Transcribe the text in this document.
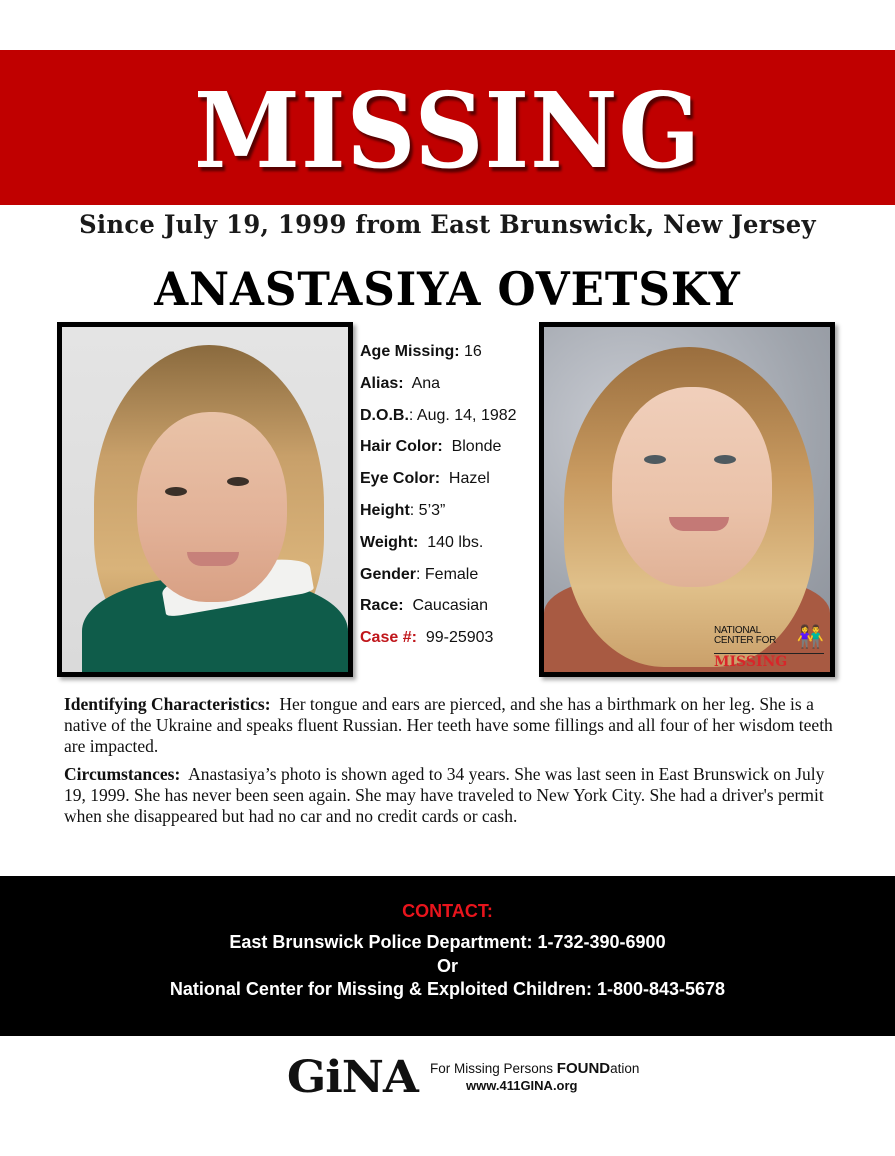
MISSING
Since July 19, 1999 from East Brunswick, New Jersey
ANASTASIYA OVETSKY
Age Missing: 16
Alias: Ana
D.O.B.: Aug. 14, 1982
Hair Color: Blonde
Eye Color: Hazel
Height: 5’3”
Weight: 140 lbs.
Gender: Female
Race: Caucasian
Case #: 99-25903	NATIONAL
CENTER FOR 👫
MISSING

Identifying Characteristics: Her tongue and ears are pierced, and she has a birthmark on her leg. She is a native of the Ukraine and speaks fluent Russian. Her teeth have some fillings and all four of her wisdom teeth are impacted.

Circumstances: Anastasiya’s photo is shown aged to 34 years. She was last seen in East Brunswick on July 19, 1999. She has never been seen again. She may have traveled to New York City. She had a driver's permit when she disappeared but had no car and no credit cards or cash.

CONTACT:
East Brunswick Police Department: 1-732-390-6900
Or
National Center for Missing & Exploited Children: 1-800-843-5678
GiNA For Missing Persons FOUNDation
www.411GINA.org
